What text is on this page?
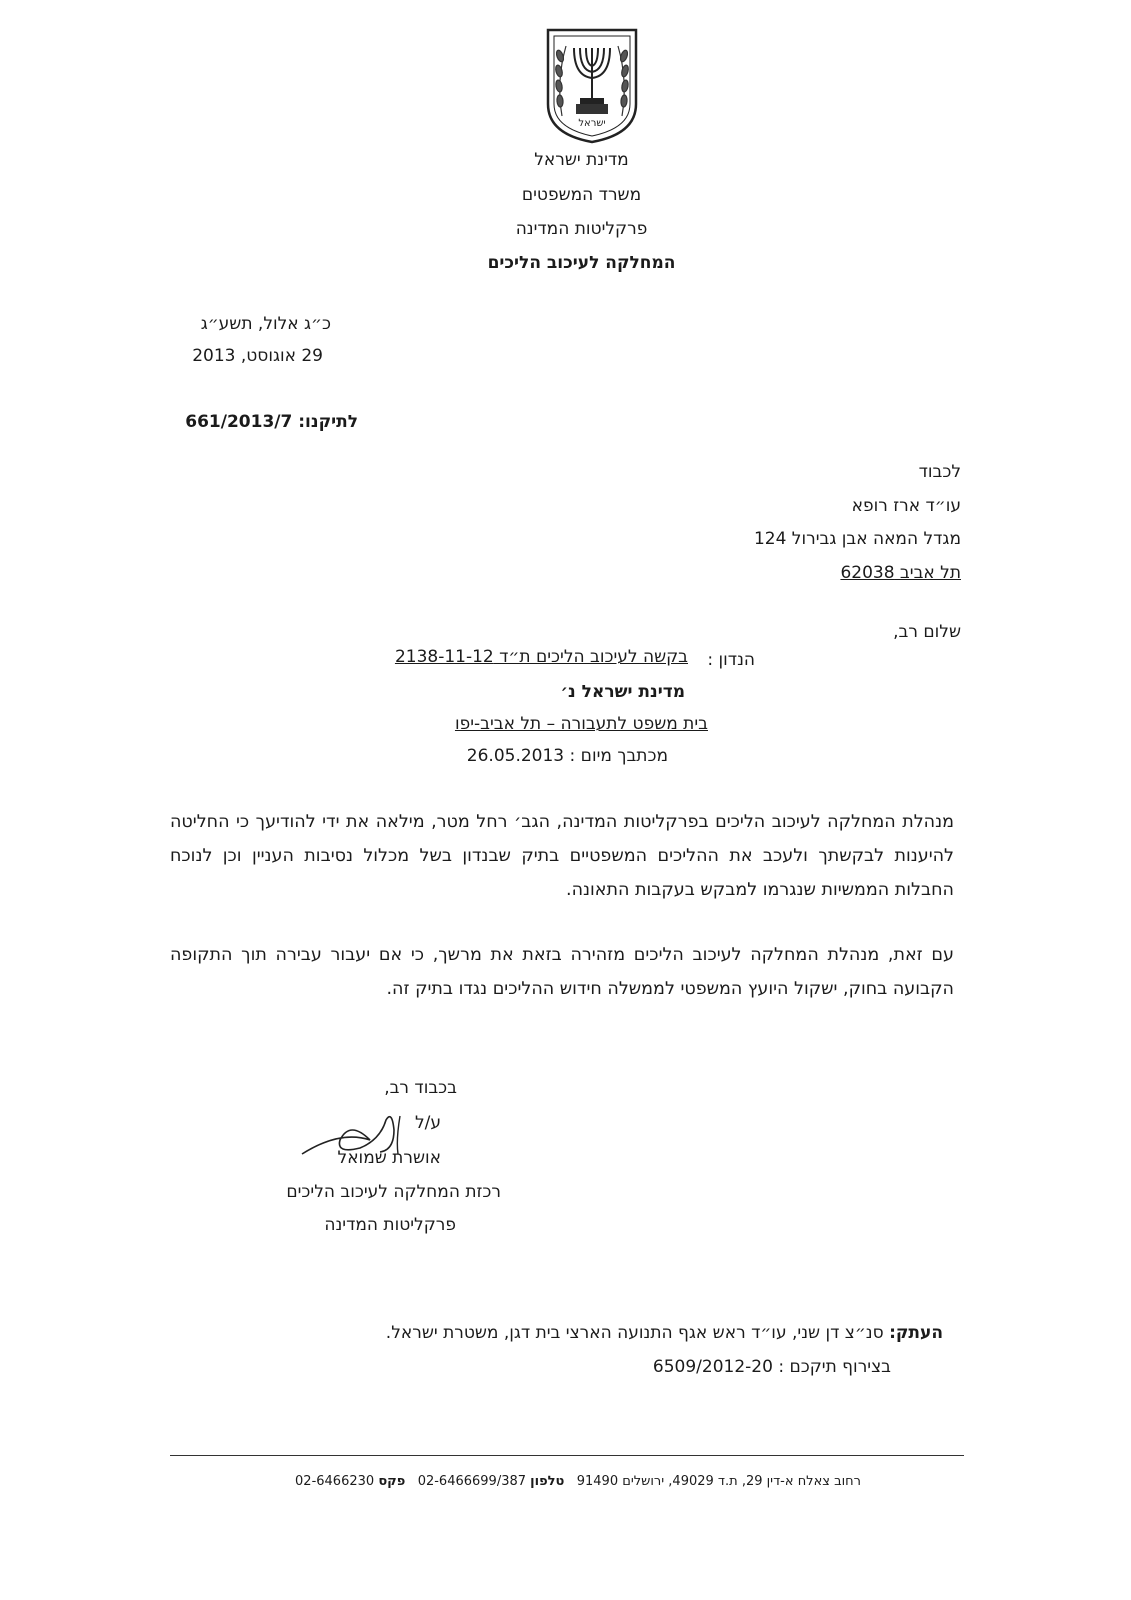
ישראל
מדינת ישראל
משרד המשפטים
פרקליטות המדינה
המחלקה לעיכוב הליכים
כ״ג אלול, תשע״ג
29 אוגוסט, 2013
לתיקנו: 661/2013/7
לכבוד
עו״ד ארז רופא
מגדל המאה אבן גבירול 124
תל אביב 62038
שלום רב,
הנדון :
בקשה לעיכוב הליכים ת״ד 2138-11-12
מדינת ישראל נ׳
בית משפט לתעבורה – תל אביב-יפו
מכתבך מיום : 26.05.2013
מנהלת המחלקה לעיכוב הליכים בפרקליטות המדינה, הגב׳ רחל מטר, מילאה את ידי להודיעך כי החליטה להיענות לבקשתך ולעכב את ההליכים המשפטיים בתיק שבנדון בשל מכלול נסיבות העניין וכן לנוכח החבלות הממשיות שנגרמו למבקש בעקבות התאונה.
עם זאת, מנהלת המחלקה לעיכוב הליכים מזהירה בזאת את מרשך, כי אם יעבור עבירה תוך התקופה הקבועה בחוק, ישקול היועץ המשפטי לממשלה חידוש ההליכים נגדו בתיק זה.
בכבוד רב,
ע/ל
אושרת שמואל
רכזת המחלקה לעיכוב הליכים
פרקליטות המדינה
העתק: סנ״צ דן שני, עו״ד ראש אגף התנועה הארצי בית דגן, משטרת ישראל.
בצירוף תיקכם : 6509/2012-20
רחוב צאלח א-דין 29, ת.ד 49029, ירושלים 91490   טלפון 02-6466699/387   פקס 02-6466230
